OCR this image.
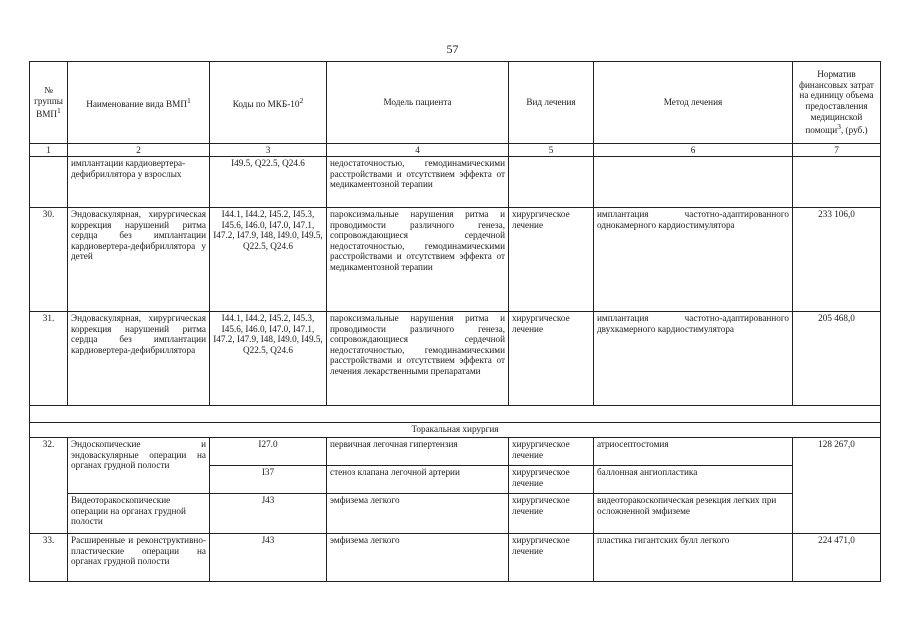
57
№ группы ВМП$^1$	Наименование вида ВМП$^1$	Коды по МКБ-$10^2$	Модель пациента	Вид лечения	Метод лечения	Норматив финансовых затрат на единицу объема предоставления медицинской помощи$^3$, (руб.)
1	2	3	4	5	6	7
	имплантации кардиовертера-дефибриллятора у взрослых	I49.5, Q22.5, Q24.6	недостаточностью, гемодинамическими расстройствами и отсутствием эффекта от медикаментозной терапии			
30.	Эндоваскулярная, хирургическая коррекция нарушений ритма сердца без имплантации кардиовертера-дефибриллятора у детей	I44.1, I44.2, I45.2, I45.3, I45.6, I46.0, I47.0, I47.1, I47.2, I47.9, I48, I49.0, I49.5, Q22.5, Q24.6	пароксизмальные нарушения ритма и проводимости различного генеза, сопровождающиеся сердечной недостаточностью, гемодинамическими расстройствами и отсутствием эффекта от медикаментозной терапии	хирургическое лечение	имплантация частотно-адаптированного однокамерного кардиостимулятора	233 106,0
31.	Эндоваскулярная, хирургическая коррекция нарушений ритма сердца без имплантации кардиовертера-дефибриллятора	I44.1, I44.2, I45.2, I45.3, I45.6, I46.0, I47.0, I47.1, I47.2, I47.9, I48, I49.0, I49.5, Q22.5, Q24.6	пароксизмальные нарушения ритма и проводимости различного генеза, сопровождающиеся сердечной недостаточностью, гемодинамическими расстройствами и отсутствием эффекта от лечения лекарственными препаратами	хирургическое лечение	имплантация частотно-адаптированного двухкамерного кардиостимулятора	205 468,0

Торакальная хирургия						
32.	Эндоскопические и эндоваскулярные операции на органах грудной полости	I27.0	первичная легочная гипертензия	хирургическое лечение	атриосептостомия	128 267,0
		I37	стеноз клапана легочной артерии	хирургическое лечение	баллонная ангиопластика	
	Видеоторакоскопические операции на органах грудной полости	J43	эмфизема легкого	хирургическое лечение	видеоторакоскопическая резекция легких при осложненной эмфиземе	
33.	Расширенные и реконструктивно-пластические операции на органах грудной полости	J43	эмфизема легкого	хирургическое лечение	пластика гигантских булл легкого	224 471,0
